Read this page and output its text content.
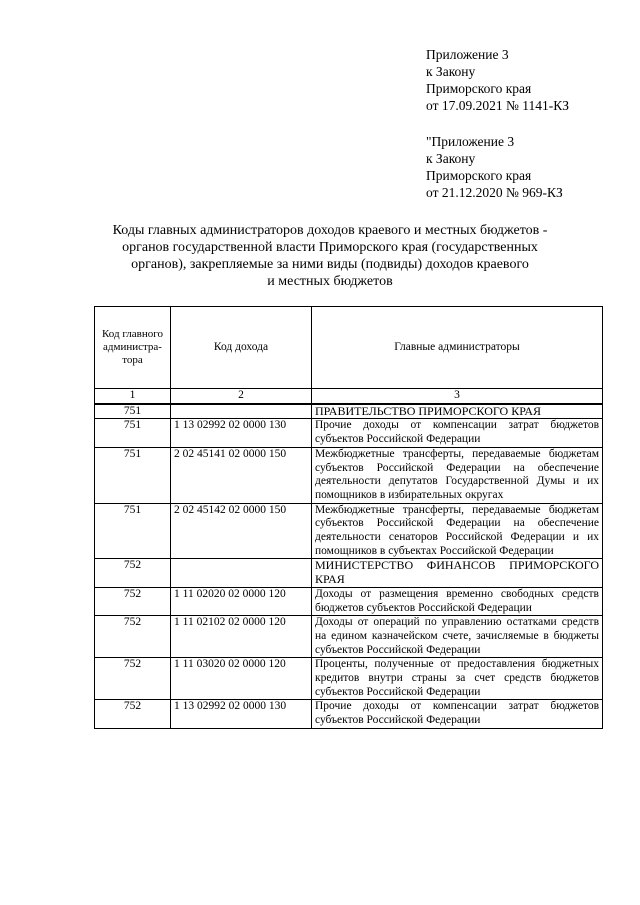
Приложение 3
к Закону
Приморского края
от 17.09.2021 № 1141-КЗ
"Приложение 3
к Закону
Приморского края
от 21.12.2020 № 969-КЗ
Коды главных администраторов доходов краевого и местных бюджетов -
органов государственной власти Приморского края (государственных
органов), закрепляемые за ними виды (подвиды) доходов краевого
и местных бюджетов
Код главного администра-тора	Код дохода	Главные администраторы
1	2	3
751		ПРАВИТЕЛЬСТВО ПРИМОРСКОГО КРАЯ
751	1 13 02992 02 0000 130	Прочие доходы от компенсации затрат бюджетов субъектов Российской Федерации
751	2 02 45141 02 0000 150	Межбюджетные трансферты, передаваемые бюджетам субъектов Российской Федерации на обеспечение деятельности депутатов Государственной Думы и их помощников в избирательных округах
751	2 02 45142 02 0000 150	Межбюджетные трансферты, передаваемые бюджетам субъектов Российской Федерации на обеспечение деятельности сенаторов Российской Федерации и их помощников в субъектах Российской Федерации
752		МИНИСТЕРСТВО ФИНАНСОВ ПРИМОРСКОГО КРАЯ
752	1 11 02020 02 0000 120	Доходы от размещения временно свободных средств бюджетов субъектов Российской Федерации
752	1 11 02102 02 0000 120	Доходы от операций по управлению остатками средств на едином казначейском счете, зачисляемые в бюджеты субъектов Российской Федерации
752	1 11 03020 02 0000 120	Проценты, полученные от предоставления бюджетных кредитов внутри страны за счет средств бюджетов субъектов Российской Федерации
752	1 13 02992 02 0000 130	Прочие доходы от компенсации затрат бюджетов субъектов Российской Федерации
